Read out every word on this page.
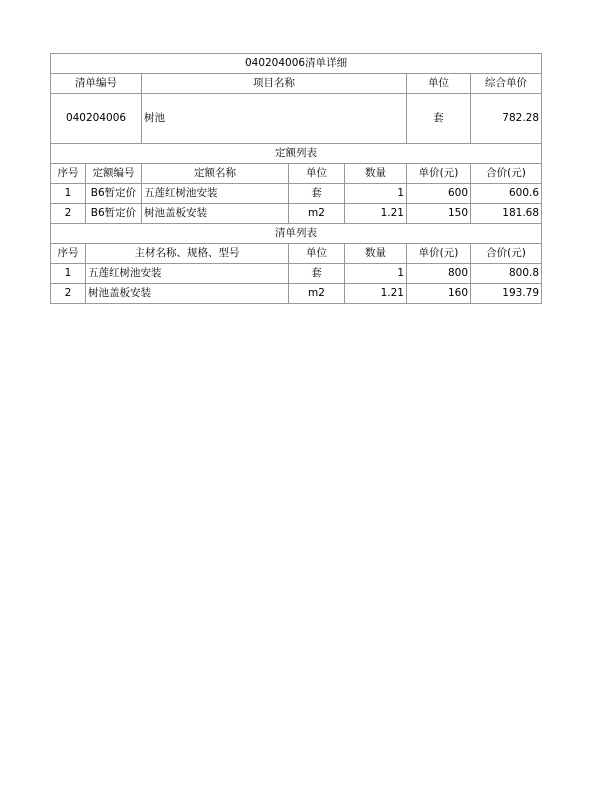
040204006清单详细						
清单编号		项目名称			单位	综合单价
040204006		树池			套	782.28
定额列表						
序号	定额编号	定额名称	单位	数量	单价(元)	合价(元)
1	B6暂定价	五莲红树池安装	套	1	600	600.6
2	B6暂定价	树池盖板安装	m2	1.21	150	181.68
清单列表						
序号	主材名称、规格、型号		单位	数量	单价(元)	合价(元)
1	五莲红树池安装		套	1	800	800.8
2	树池盖板安装		m2	1.21	160	193.79
